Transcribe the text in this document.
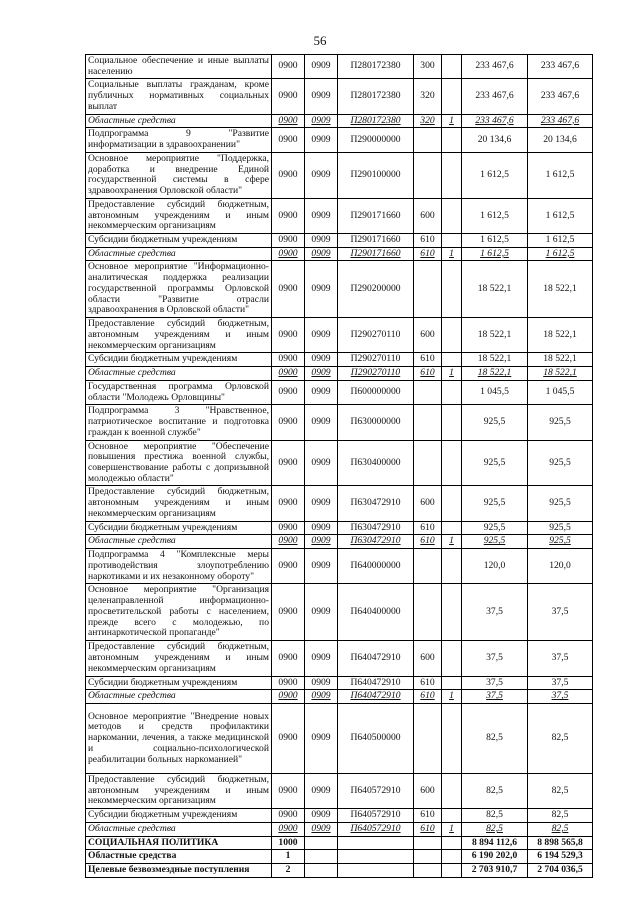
56
Социальное обеспечение и иные выплаты населению	0900	0909	П280172380	300		233 467,6	233 467,6
Социальные выплаты гражданам, кроме публичных нормативных социальных выплат	0900	0909	П280172380	320		233 467,6	233 467,6
Областные средства	0900	0909	П280172380	320	1	233 467,6	233 467,6
Подпрограмма 9 "Развитие информатизации в здравоохранении"	0900	0909	П290000000			20 134,6	20 134,6
Основное мероприятие "Поддержка, доработка и внедрение Единой государственной системы в сфере здравоохранения Орловской области"	0900	0909	П290100000			1 612,5	1 612,5
Предоставление субсидий бюджетным, автономным учреждениям и иным некоммерческим организациям	0900	0909	П290171660	600		1 612,5	1 612,5
Субсидии бюджетным учреждениям	0900	0909	П290171660	610		1 612,5	1 612,5
Областные средства	0900	0909	П290171660	610	1	1 612,5	1 612,5
Основное мероприятие "Информационно-аналитическая поддержка реализации государственной программы Орловской области "Развитие отрасли здравоохранения в Орловской области"	0900	0909	П290200000			18 522,1	18 522,1
Предоставление субсидий бюджетным, автономным учреждениям и иным некоммерческим организациям	0900	0909	П290270110	600		18 522,1	18 522,1
Субсидии бюджетным учреждениям	0900	0909	П290270110	610		18 522,1	18 522,1
Областные средства	0900	0909	П290270110	610	1	18 522,1	18 522,1
Государственная программа Орловской области "Молодежь Орловщины"	0900	0909	П600000000			1 045,5	1 045,5
Подпрограмма 3 "Нравственное, патриотическое воспитание и подготовка граждан к военной службе"	0900	0909	П630000000			925,5	925,5
Основное мероприятие "Обеспечение повышения престижа военной службы, совершенствование работы с допризывной молодежью области"	0900	0909	П630400000			925,5	925,5
Предоставление субсидий бюджетным, автономным учреждениям и иным некоммерческим организациям	0900	0909	П630472910	600		925,5	925,5
Субсидии бюджетным учреждениям	0900	0909	П630472910	610		925,5	925,5
Областные средства	0900	0909	П630472910	610	1	925,5	925,5
Подпрограмма 4 "Комплексные меры противодействия злоупотреблению наркотиками и их незаконному обороту"	0900	0909	П640000000			120,0	120,0
Основное мероприятие "Организация целенаправленной информационно-просветительской работы с населением, прежде всего с молодежью, по антинаркотической пропаганде"	0900	0909	П640400000			37,5	37,5
Предоставление субсидий бюджетным, автономным учреждениям и иным некоммерческим организациям	0900	0909	П640472910	600		37,5	37,5
Субсидии бюджетным учреждениям	0900	0909	П640472910	610		37,5	37,5
Областные средства	0900	0909	П640472910	610	1	37,5	37,5
Основное мероприятие "Внедрение новых методов и средств профилактики наркомании, лечения, а также медицинской и социально-психологической реабилитации больных наркоманией"	0900	0909	П640500000			82,5	82,5
Предоставление субсидий бюджетным, автономным учреждениям и иным некоммерческим организациям	0900	0909	П640572910	600		82,5	82,5
Субсидии бюджетным учреждениям	0900	0909	П640572910	610		82,5	82,5
Областные средства	0900	0909	П640572910	610	1	82,5	82,5
СОЦИАЛЬНАЯ ПОЛИТИКА	1000					8 894 112,6	8 898 565,8
Областные средства	1					6 190 202,0	6 194 529,3
Целевые безвозмездные поступления	2					2 703 910,7	2 704 036,5
